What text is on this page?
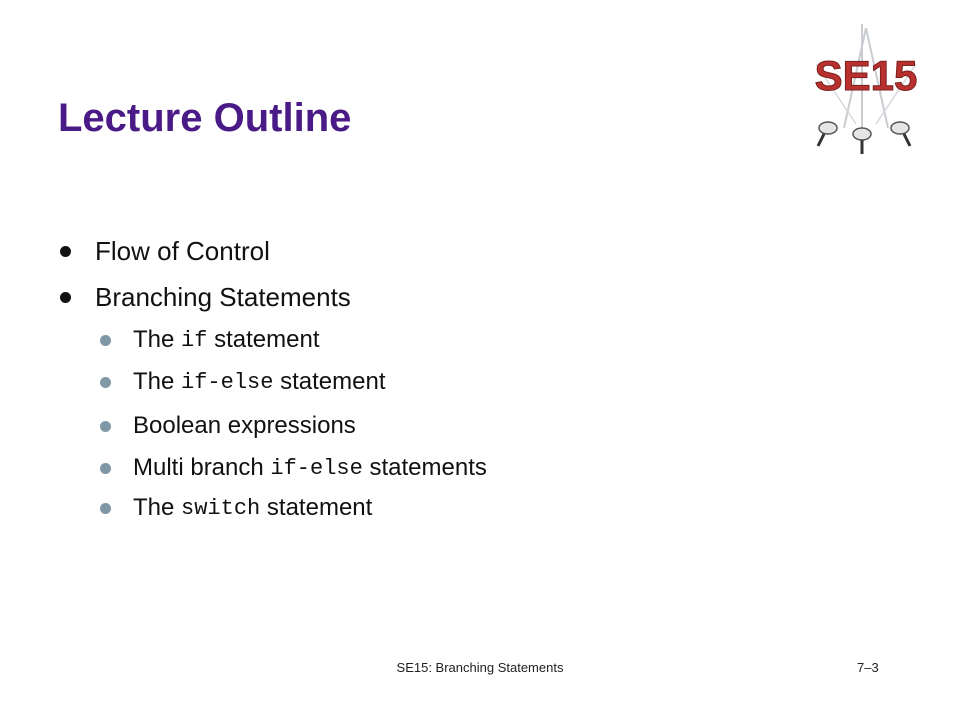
Lecture Outline
SE15
Flow of Control
Branching Statements
The if statement
The if-else statement
Boolean expressions
Multi branch if-else statements
The switch statement
SE15: Branching Statements	7–3
